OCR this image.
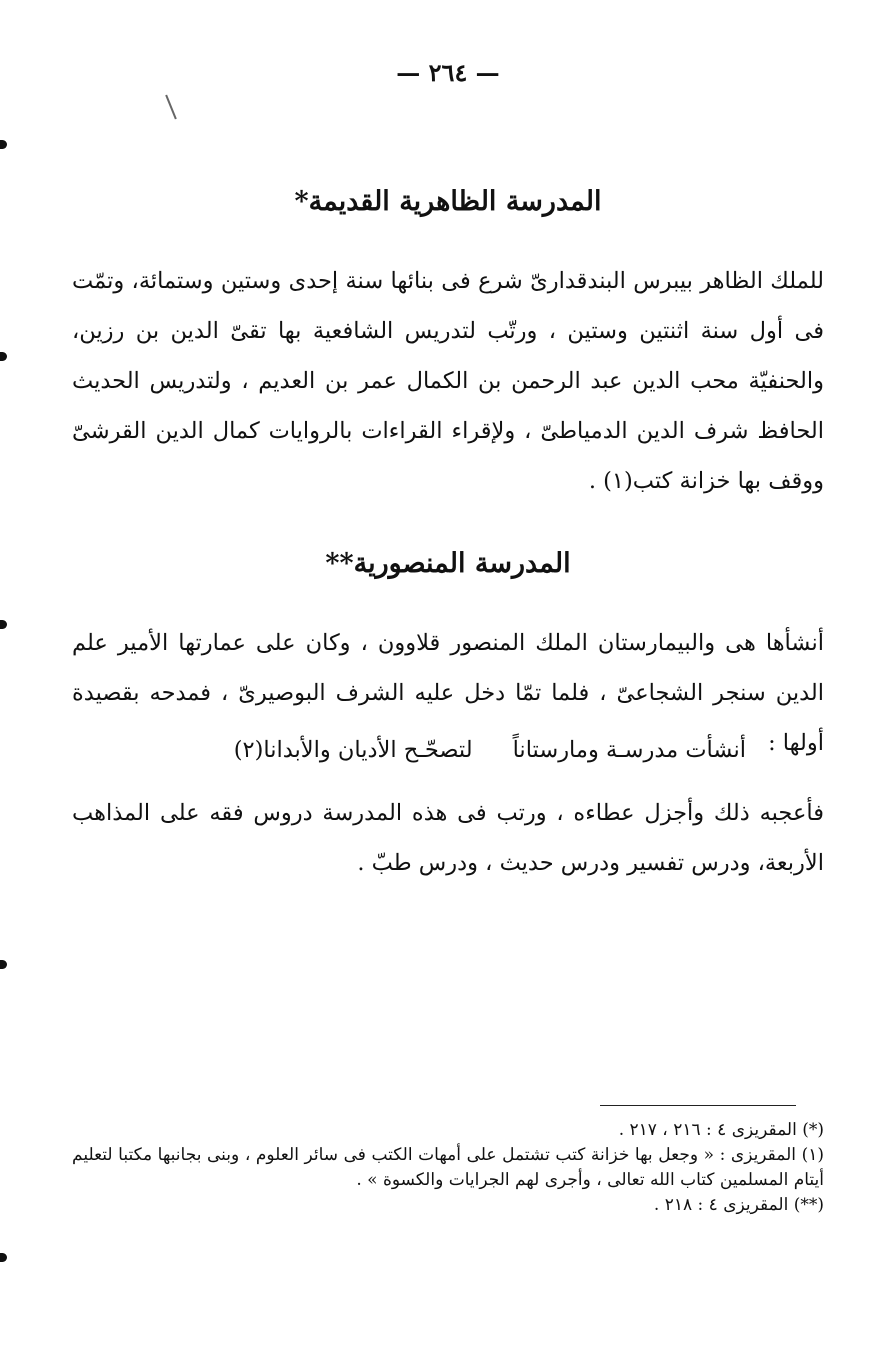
— ٢٦٤ —
المدرسة الظاهرية القديمة*

للملك الظاهر بيبرس البندقدارىّ شرع فى بنائها سنة إحدى وستين وستمائة، وتمّت فى أول سنة اثنتين وستين ، ورتّب لتدريس الشافعية بها تقىّ الدين بن رزين، والحنفيّة محب الدين عبد الرحمن بن الكمال عمر بن العديم ، ولتدريس الحديث الحافظ شرف الدين الدمياطىّ ، ولإقراء القراءات بالروايات كمال الدين القرشىّ ووقف بها خزانة كتب(١) .

المدرسة المنصورية**

أنشأها هى والبيمارستان الملك المنصور قلاوون ، وكان على عمارتها الأمير علم الدين سنجر الشجاعىّ ، فلما تمّا دخل عليه الشرف البوصيرىّ ، فمدحه بقصيدة أولها :

أنشأت مدرسـة ومارستاناً
لتصحّـح الأديان والأبدانا(٢)

فأعجبه ذلك وأجزل عطاءه ، ورتب فى هذه المدرسة دروس فقه على المذاهب الأربعة، ودرس تفسير ودرس حديث ، ودرس طبّ .

(*) المقريزى ٤ : ٢١٦ ، ٢١٧ .

(١) المقريزى : « وجعل بها خزانة كتب تشتمل على أمهات الكتب فى سائر العلوم ، وبنى بجانبها مكتبا لتعليم أيتام المسلمين كتاب الله تعالى ، وأجرى لهم الجرايات والكسوة » .

(**) المقريزى ٤ : ٢١٨ .
